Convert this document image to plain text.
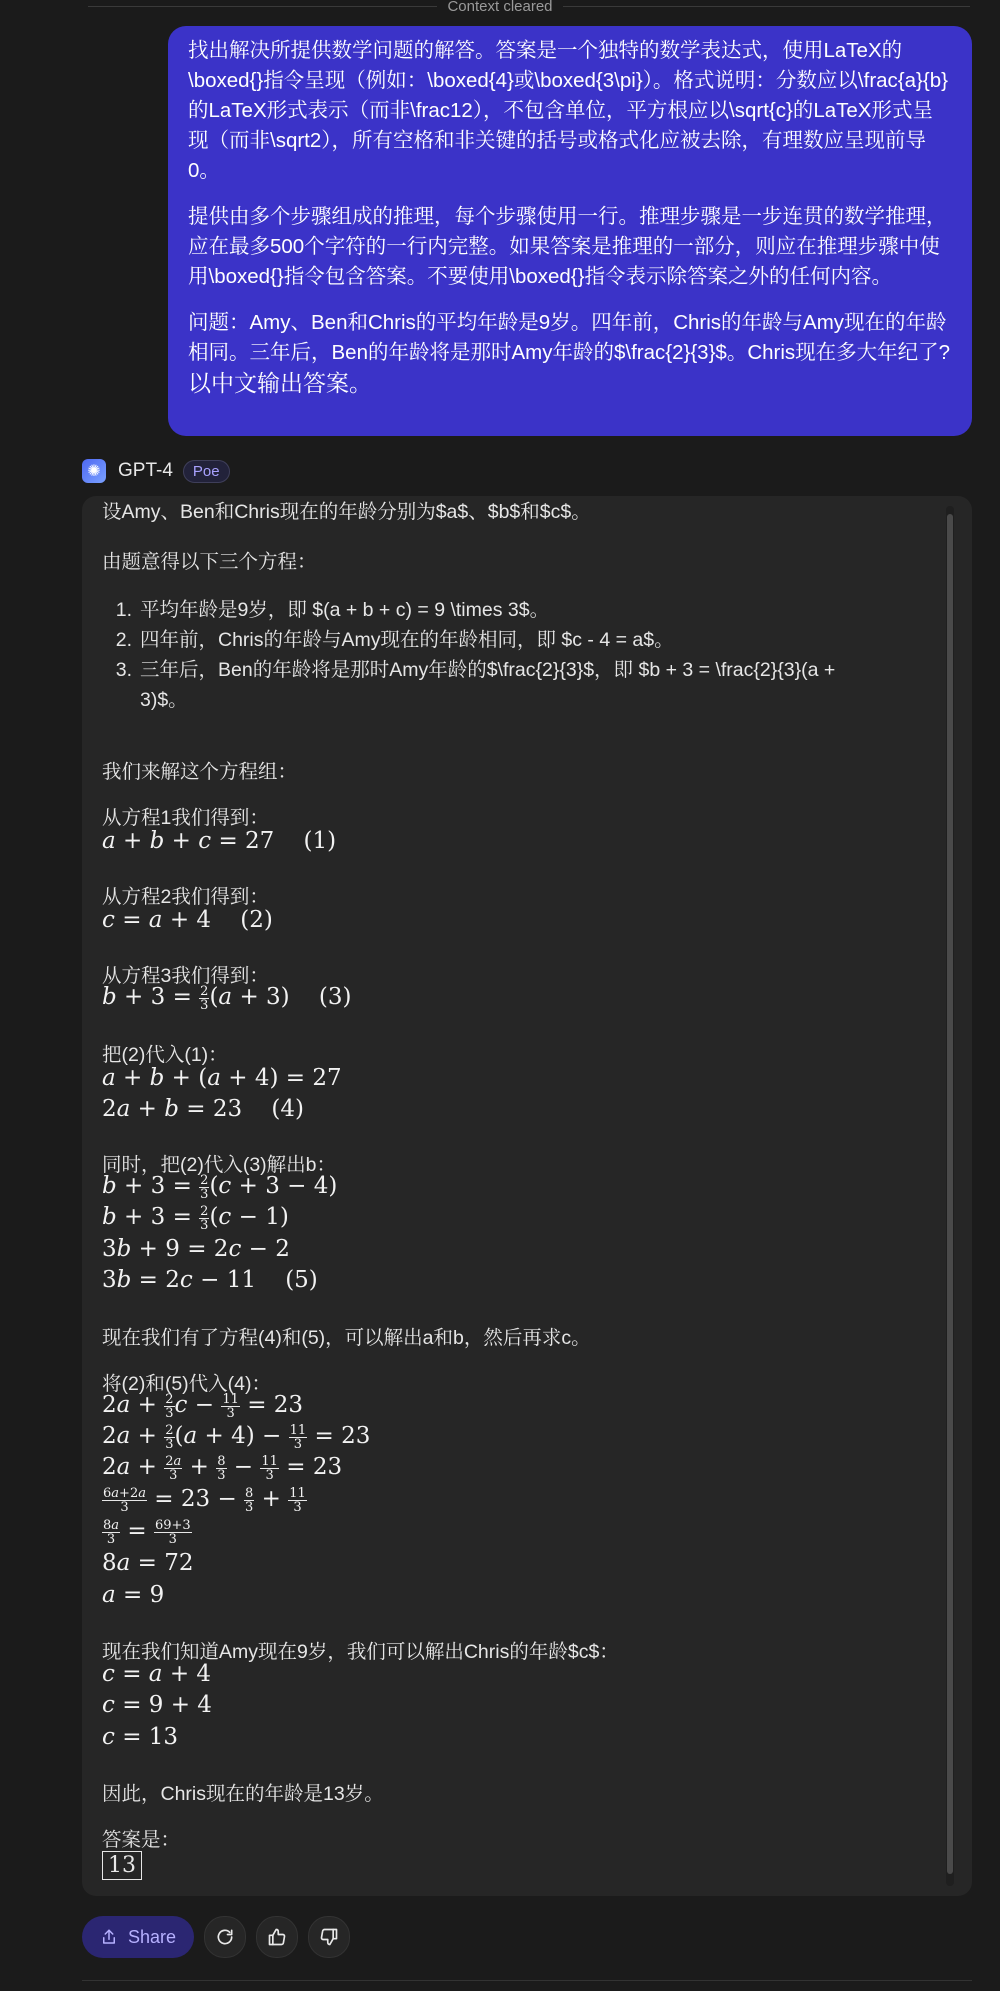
Context cleared

找出解决所提供数学问题的解答。答案是一个独特的数学表达式，使用LaTeX的\boxed{}指令呈现（例如：\boxed{4}或\boxed{3\pi}）。格式说明：分数应以\frac{a}{b}的LaTeX形式表示（而非\frac12），不包含单位，平方根应以\sqrt{c}的LaTeX形式呈现（而非\sqrt2），所有空格和非关键的括号或格式化应被去除，有理数应呈现前导0。

提供由多个步骤组成的推理，每个步骤使用一行。推理步骤是一步连贯的数学推理，应在最多500个字符的一行内完整。如果答案是推理的一部分，则应在推理步骤中使用\boxed{}指令包含答案。不要使用\boxed{}指令表示除答案之外的任何内容。

问题：Amy、Ben和Chris的平均年龄是9岁。四年前，Chris的年龄与Amy现在的年龄相同。三年后，Ben的年龄将是那时Amy年龄的$\frac{2}{3}$。Chris现在多大年纪了?

以中文输出答案。

✺ GPT-4	Poe
设Amy、Ben和Chris现在的年龄分别为$a$、$b$和$c$。
由题意得以下三个方程：
1. 平均年龄是9岁，即 $(a + b + c) = 9 \times 3$。
2. 四年前，Chris的年龄与Amy现在的年龄相同，即 $c - 4 = a$。
3. 三年后，Ben的年龄将是那时Amy年龄的$\frac{2}{3}$，即 $b + 3 = \frac{2}{3}(a +
3)$。
我们来解这个方程组：
从方程1我们得到：
a + b + c = 27    (1)
从方程2我们得到：
c = a + 4    (2)
从方程3我们得到：
$b + 3 = \frac{2}{3} (a + 3)$    (3)
把(2)代入(1)：
a + b + (a + 4) = 27
2a + b = 23    (4)
同时，把(2)代入(3)解出b：
$b + 3 = \frac{2}{3} (c + 3 - 4)$
$b + 3 = \frac{2}{3} (c - 1)$
3b + 9 = 2c − 2
3b = 2c − 11    (5)
现在我们有了方程(4)和(5)，可以解出a和b，然后再求c。
将(2)和(5)代入(4)：
$2a + \frac{2}{3}$ $c - \frac{11}{3} = 23$
$2a + \frac{2}{3} (a + 4) - \frac{11}{3} = 23$
$2a + \frac{2a}{3} + \frac{8}{3} - \frac{11}{3} = 23$
$\frac{6a+2a}{3} = 23 - \frac{8}{3} + \frac{11}{3}$
$\frac{8a}{3} = \frac{69+3}{3}$
8a = 72
a = 9
现在我们知道Amy现在9岁，我们可以解出Chris的年龄$c$：
c = a + 4
c = 9 + 4
c = 13
因此，Chris现在的年龄是13岁。
答案是：
13
Share
